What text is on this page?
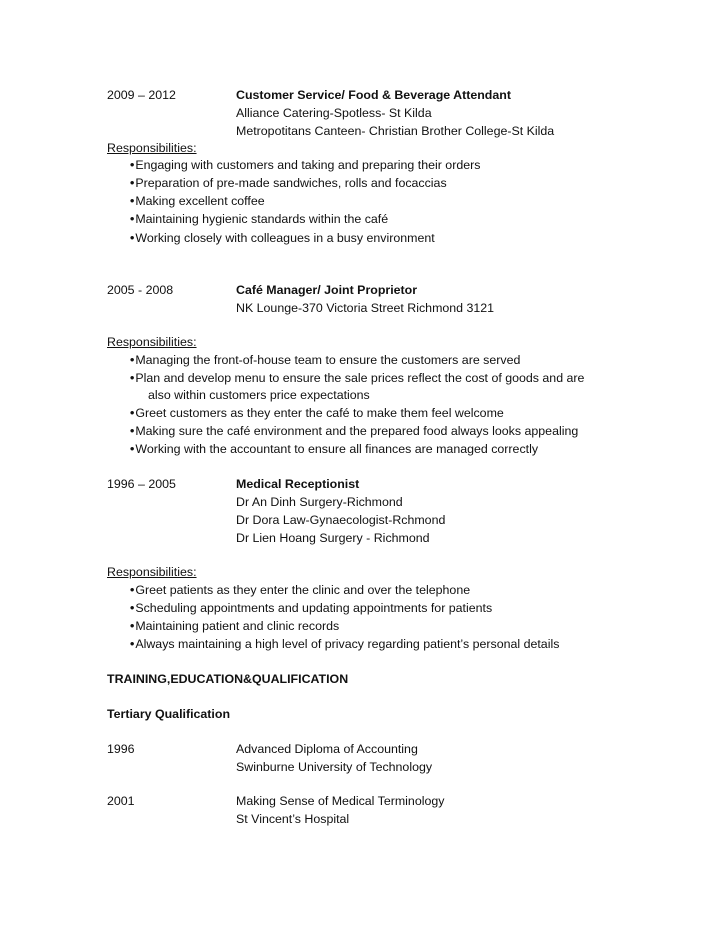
2009 – 2012	Customer Service/ Food & Beverage Attendant
Alliance Catering-Spotless- St Kilda
Metropotitans Canteen- Christian Brother College-St Kilda
Responsibilities:
•Engaging with customers and taking and preparing their orders
•Preparation of pre-made sandwiches, rolls and focaccias
•Making excellent coffee
•Maintaining hygienic standards within the café
•Working closely with colleagues in a busy environment
2005 - 2008	Café Manager/ Joint Proprietor
NK Lounge-370 Victoria Street Richmond 3121
Responsibilities:
•Managing the front-of-house team to ensure the customers are served
•Plan and develop menu to ensure the sale prices reflect the cost of goods and are
also within customers price expectations
•Greet customers as they enter the café to make them feel welcome
•Making sure the café environment and the prepared food always looks appealing
•Working with the accountant to ensure all finances are managed correctly
1996 – 2005	Medical Receptionist
Dr An Dinh Surgery-Richmond
Dr Dora Law-Gynaecologist-Rchmond
Dr Lien Hoang Surgery - Richmond
Responsibilities:
•Greet patients as they enter the clinic and over the telephone
•Scheduling appointments and updating appointments for patients
•Maintaining patient and clinic records
•Always maintaining a high level of privacy regarding patient’s personal details
TRAINING,EDUCATION&QUALIFICATION
Tertiary Qualification
1996	Advanced Diploma of Accounting
Swinburne University of Technology
2001	Making Sense of Medical Terminology
St Vincent’s Hospital
